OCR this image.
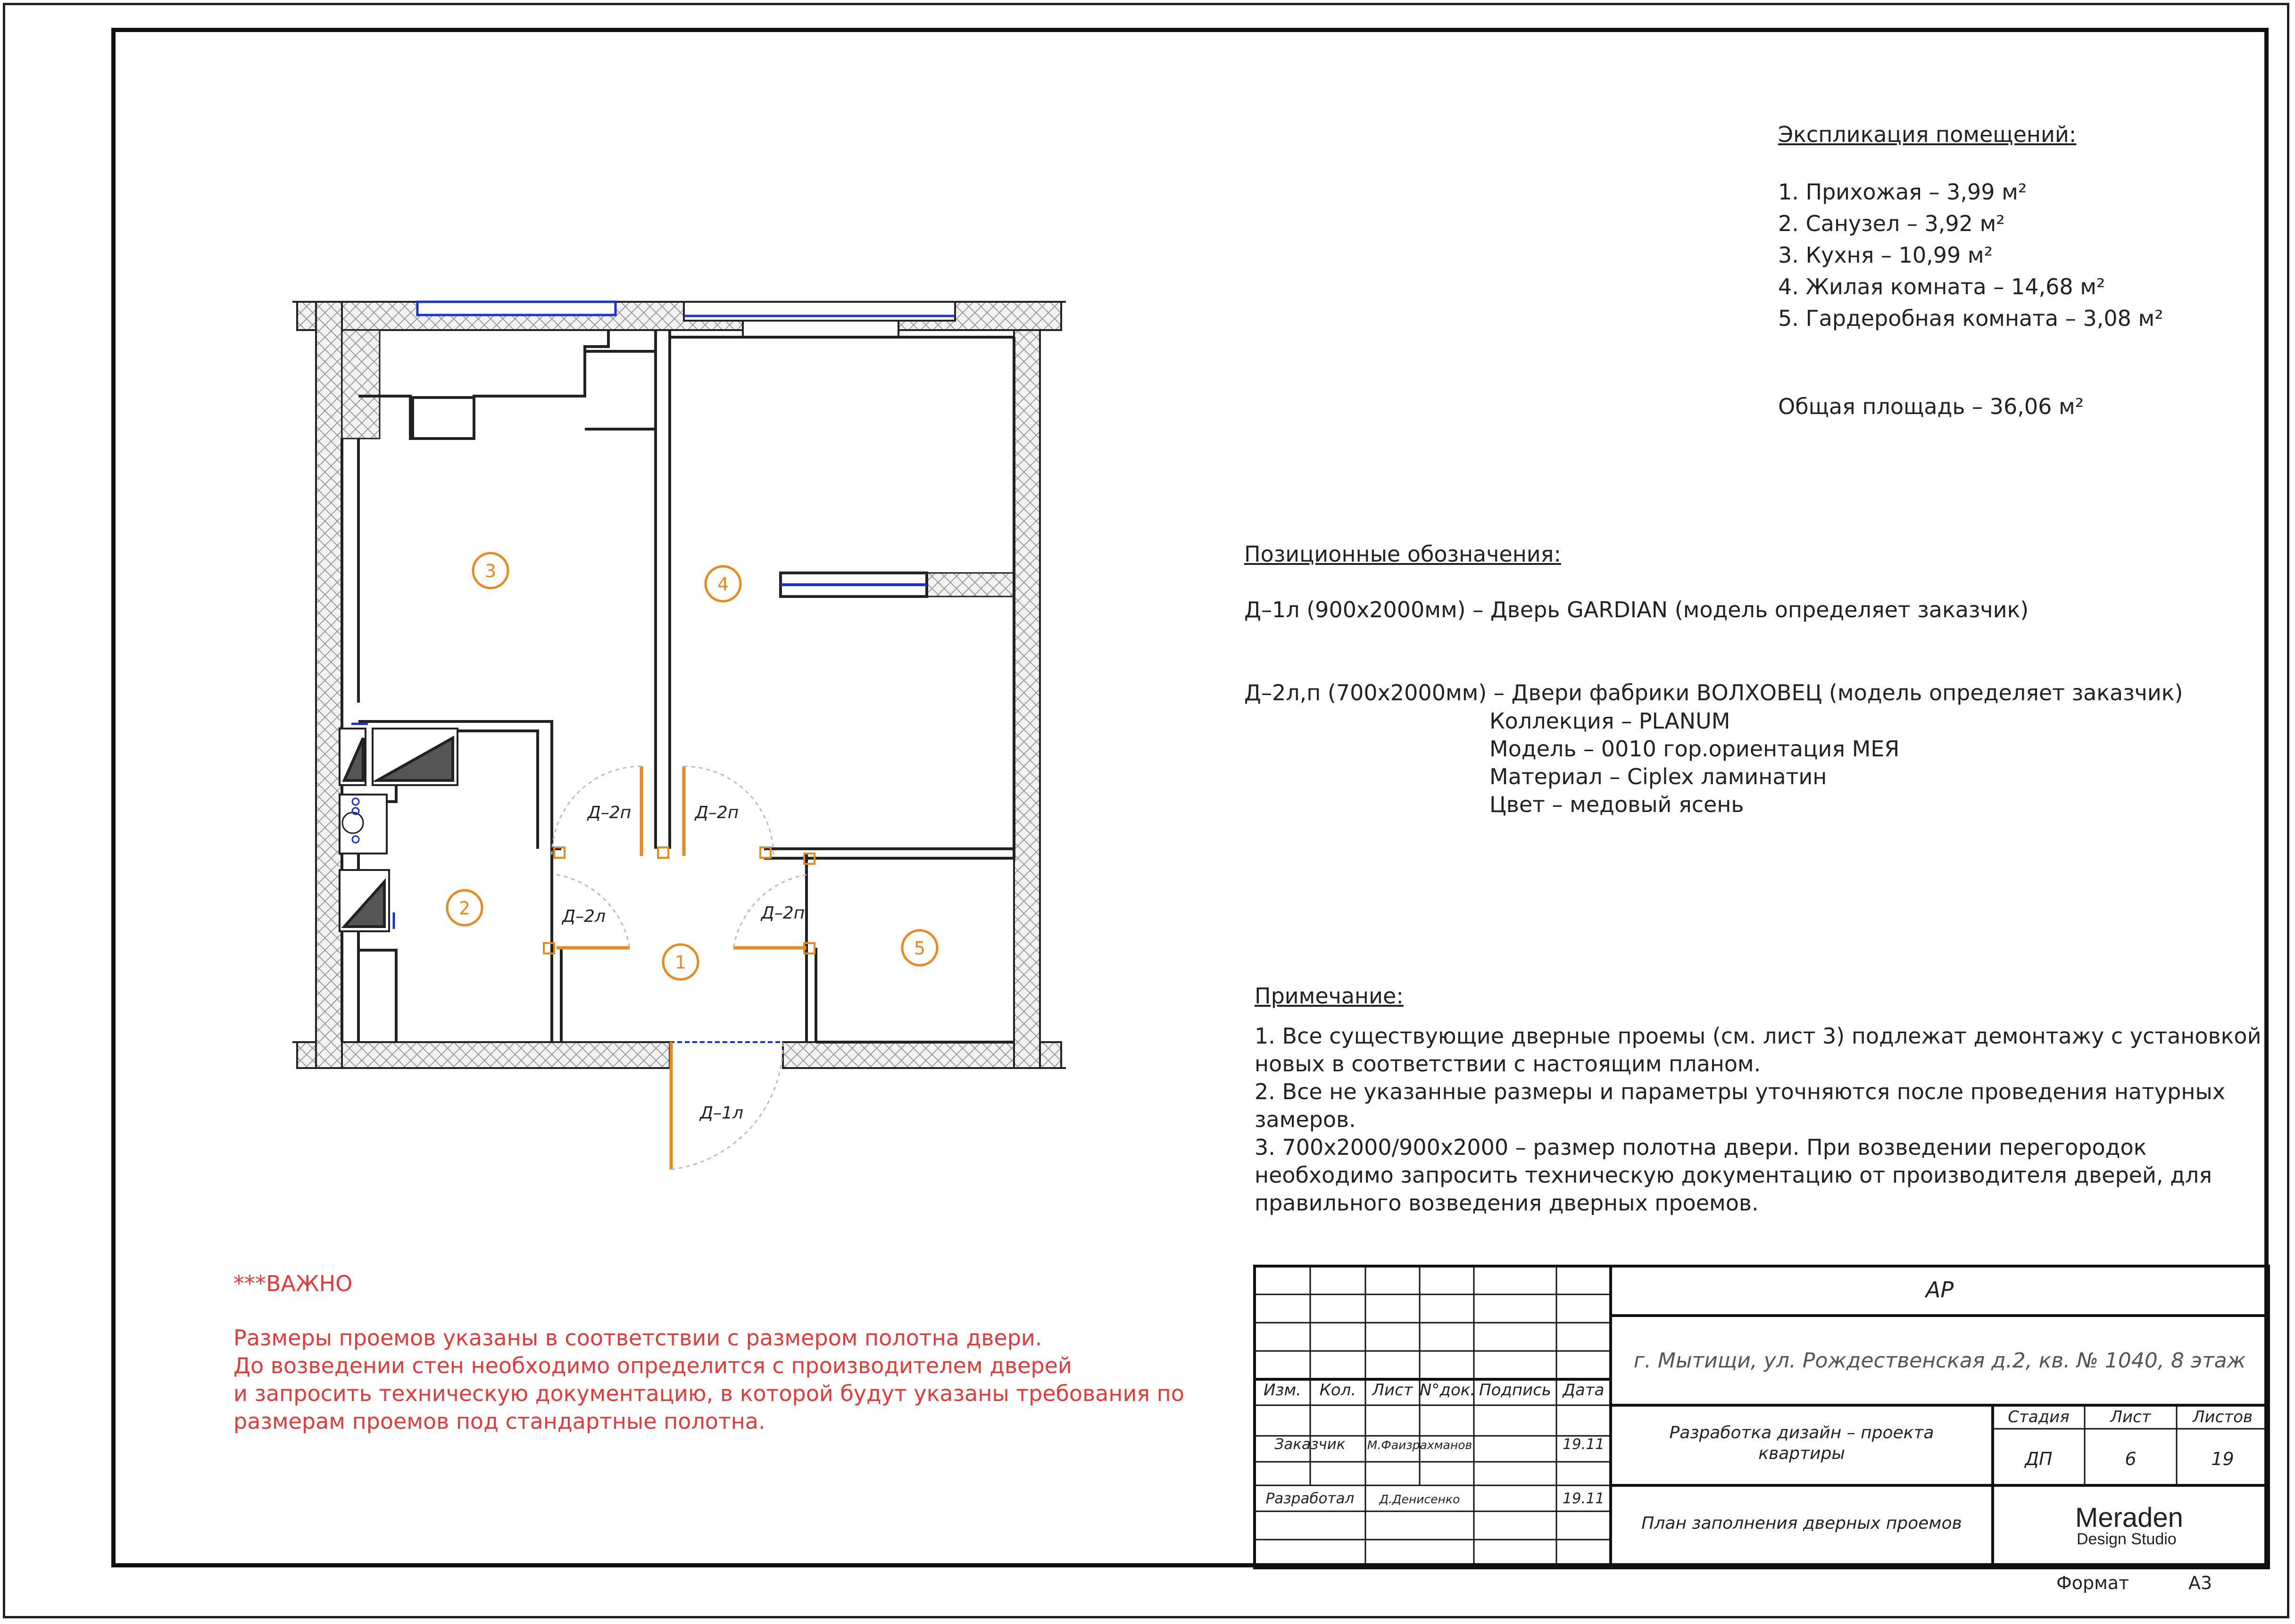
3
4
2
1
5
Д–2п	Д–2п
Д–2л	Д–2п
Д–1л
Экспликация помещений:
1. Прихожая – 3,99 м²
2. Санузел – 3,92 м²
3. Кухня – 10,99 м²
4. Жилая комната – 14,68 м²
5. Гардеробная комната – 3,08 м²
Общая площадь – 36,06 м²
Позиционные обозначения:
Д–1л (900х2000мм) – Дверь GARDIAN (модель определяет заказчик)
Д–2л,п (700х2000мм) – Двери фабрики ВОЛХОВЕЦ (модель определяет заказчик)
Коллекция – PLANUM
Модель – 0010 гор.ориентация МЕЯ
Материал – Ciplex ламинатин
Цвет – медовый ясень
Примечание:
1. Все существующие дверные проемы (см. лист 3) подлежат демонтажу с установкой
новых в соответствии с настоящим планом.
2. Все не указанные размеры и параметры уточняются после проведения натурных
замеров.
3. 700х2000/900х2000 – размер полотна двери. При возведении перегородок
необходимо запросить техническую документацию от производителя дверей, для
правильного возведения дверных проемов.
***ВАЖНО
Размеры проемов указаны в соответствии с размером полотна двери.
До возведении стен необходимо определится с производителем дверей
и запросить техническую документацию, в которой будут указаны требования по
размерам проемов под стандартные полотна.
Изм.	Кол.	Лист N°док. Подпись Дата
Заказчик	М.Фаизрахманов	19.11
Разработал	Д.Денисенко	19.11
АР
г. Мытищи, ул. Рождественская д.2, кв. № 1040, 8 этаж
Разработка дизайн – проекта
квартиры
План заполнения дверных проемов
Стадия	Лист	Листов
ДП	6	19
Meraden
Design Studio
Формат	А3
